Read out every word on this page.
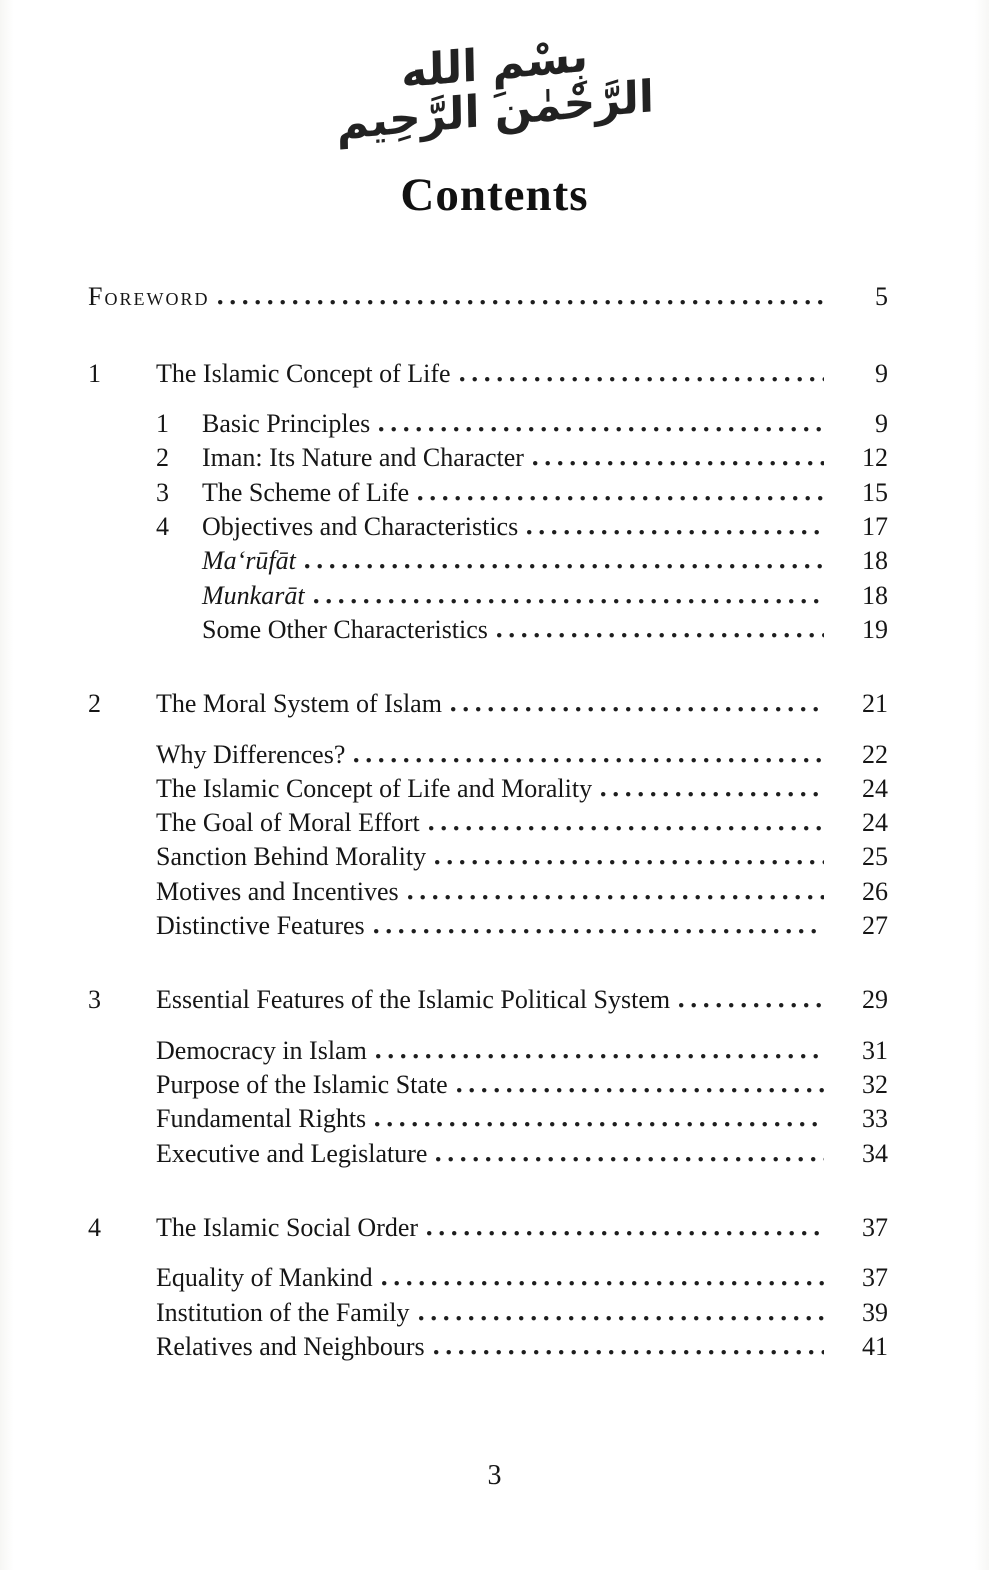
بِسْمِ الله الرَّحْمٰن الرَّحِيم
Contents
Foreword	5
1	The Islamic Concept of Life	9
1	Basic Principles	9
2	Iman: Its Nature and Character	12
3	The Scheme of Life	15
4	Objectives and Characteristics	17
Ma‘rūfāt	18
Munkarāt	18
Some Other Characteristics	19
2	The Moral System of Islam	21
Why Differences?	22
The Islamic Concept of Life and Morality	24
The Goal of Moral Effort	24
Sanction Behind Morality	25
Motives and Incentives	26
Distinctive Features	27
3	Essential Features of the Islamic Political System	29
Democracy in Islam	31
Purpose of the Islamic State	32
Fundamental Rights	33
Executive and Legislature	34
4	The Islamic Social Order	37
Equality of Mankind	37
Institution of the Family	39
Relatives and Neighbours	41
3
